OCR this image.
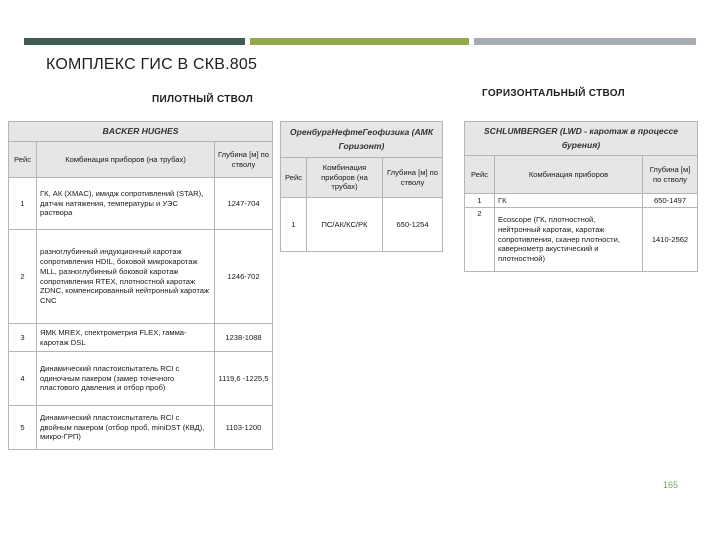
КОМПЛЕКС ГИС В СКВ.805
ПИЛОТНЫЙ СТВОЛ
ГОРИЗОНТАЛЬНЫЙ СТВОЛ
BACKER HUGHES		
Рейс	Комбинация приборов (на трубах)	Глубина [м] по стволу
1	ГК, АК (XMAC), имидж сопротивлений (STAR), датчик натяжения, температуры и УЭС раствора	1247-704
2	разноглубинный индукционный каротаж сопротивления HDIL, боковой микрокаротаж MLL, разноглубинный боковой каротаж сопротивления RTEX, плотностной каротаж ZDNC, компенсированный нейтронный каротаж CNC	1246-702
3	ЯМК MREX, спектрометрия FLEX, гамма-каротаж DSL	1238-1088
4	Динамический пластоиспытатель RCI с одиночным пакером (замер точечного пластового давления и отбор проб)	1119,6 -1225,5
5	Динамический пластоиспытатель RCI с двойным пакером (отбор проб, miniDST (КВД), микро-ГРП)	1103-1200
ОренбургНефтеГеофизика (АМК Горизонт)		
Рейс	Комбинация приборов (на трубах)	Глубина [м] по стволу
1	ПС/АК/КС/РК	650-1254
SCHLUMBERGER (LWD - каротаж в процессе бурения)		
Рейс	Комбинация приборов	Глубина [м] по стволу
1	ГК	650-1497
2	Ecoscope (ГК, плотностной, нейтронный каротаж, каротаж сопротивления, сканер плотности, кавернометр акустический и плотностной)	1410-2562
165
